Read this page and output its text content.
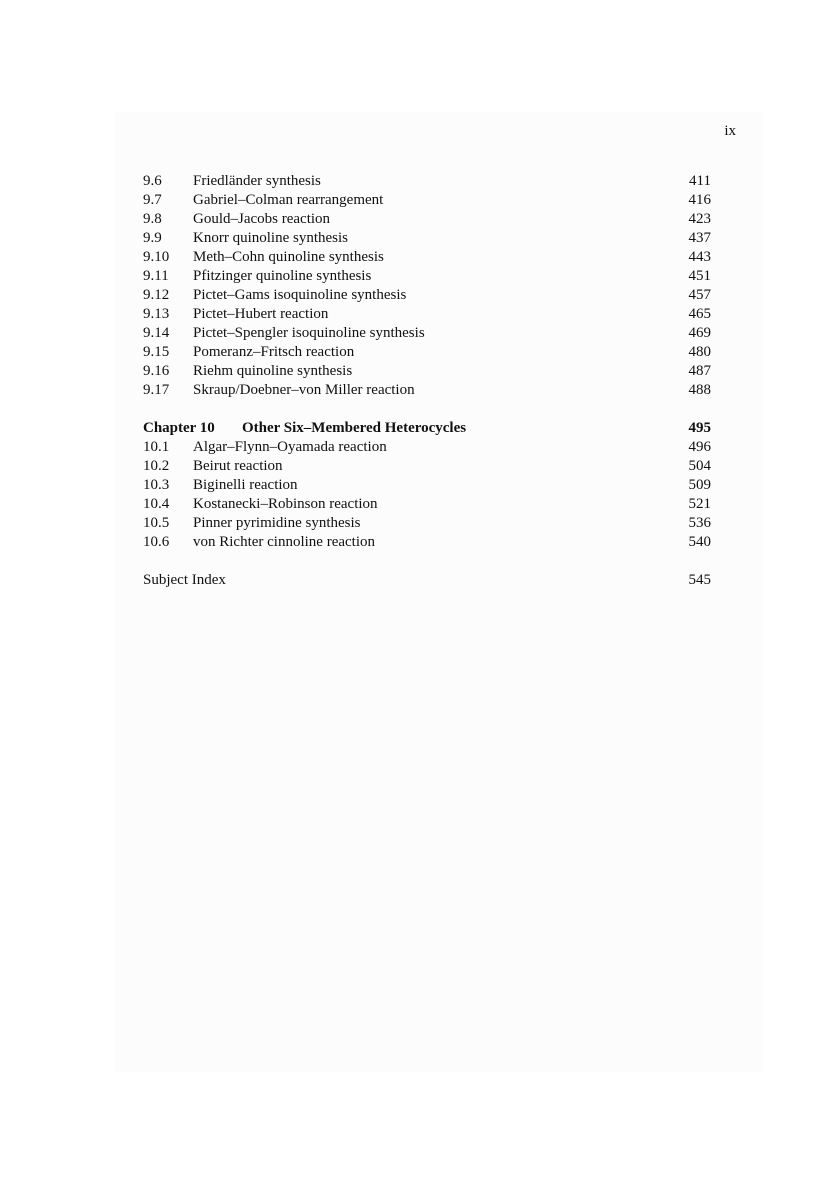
ix
9.6 Friedländer synthesis	411
9.7 Gabriel–Colman rearrangement	416
9.8 Gould–Jacobs reaction	423
9.9 Knorr quinoline synthesis	437
9.10 Meth–Cohn quinoline synthesis	443
9.11 Pfitzinger quinoline synthesis	451
9.12 Pictet–Gams isoquinoline synthesis	457
9.13 Pictet–Hubert reaction	465
9.14 Pictet–Spengler isoquinoline synthesis	469
9.15 Pomeranz–Fritsch reaction	480
9.16 Riehm quinoline synthesis	487
9.17 Skraup/Doebner–von Miller reaction	488
Chapter 10 Other Six–Membered Heterocycles	495
10.1 Algar–Flynn–Oyamada reaction	496
10.2 Beirut reaction	504
10.3 Biginelli reaction	509
10.4 Kostanecki–Robinson reaction	521
10.5 Pinner pyrimidine synthesis	536
10.6 von Richter cinnoline reaction	540
Subject Index	545
